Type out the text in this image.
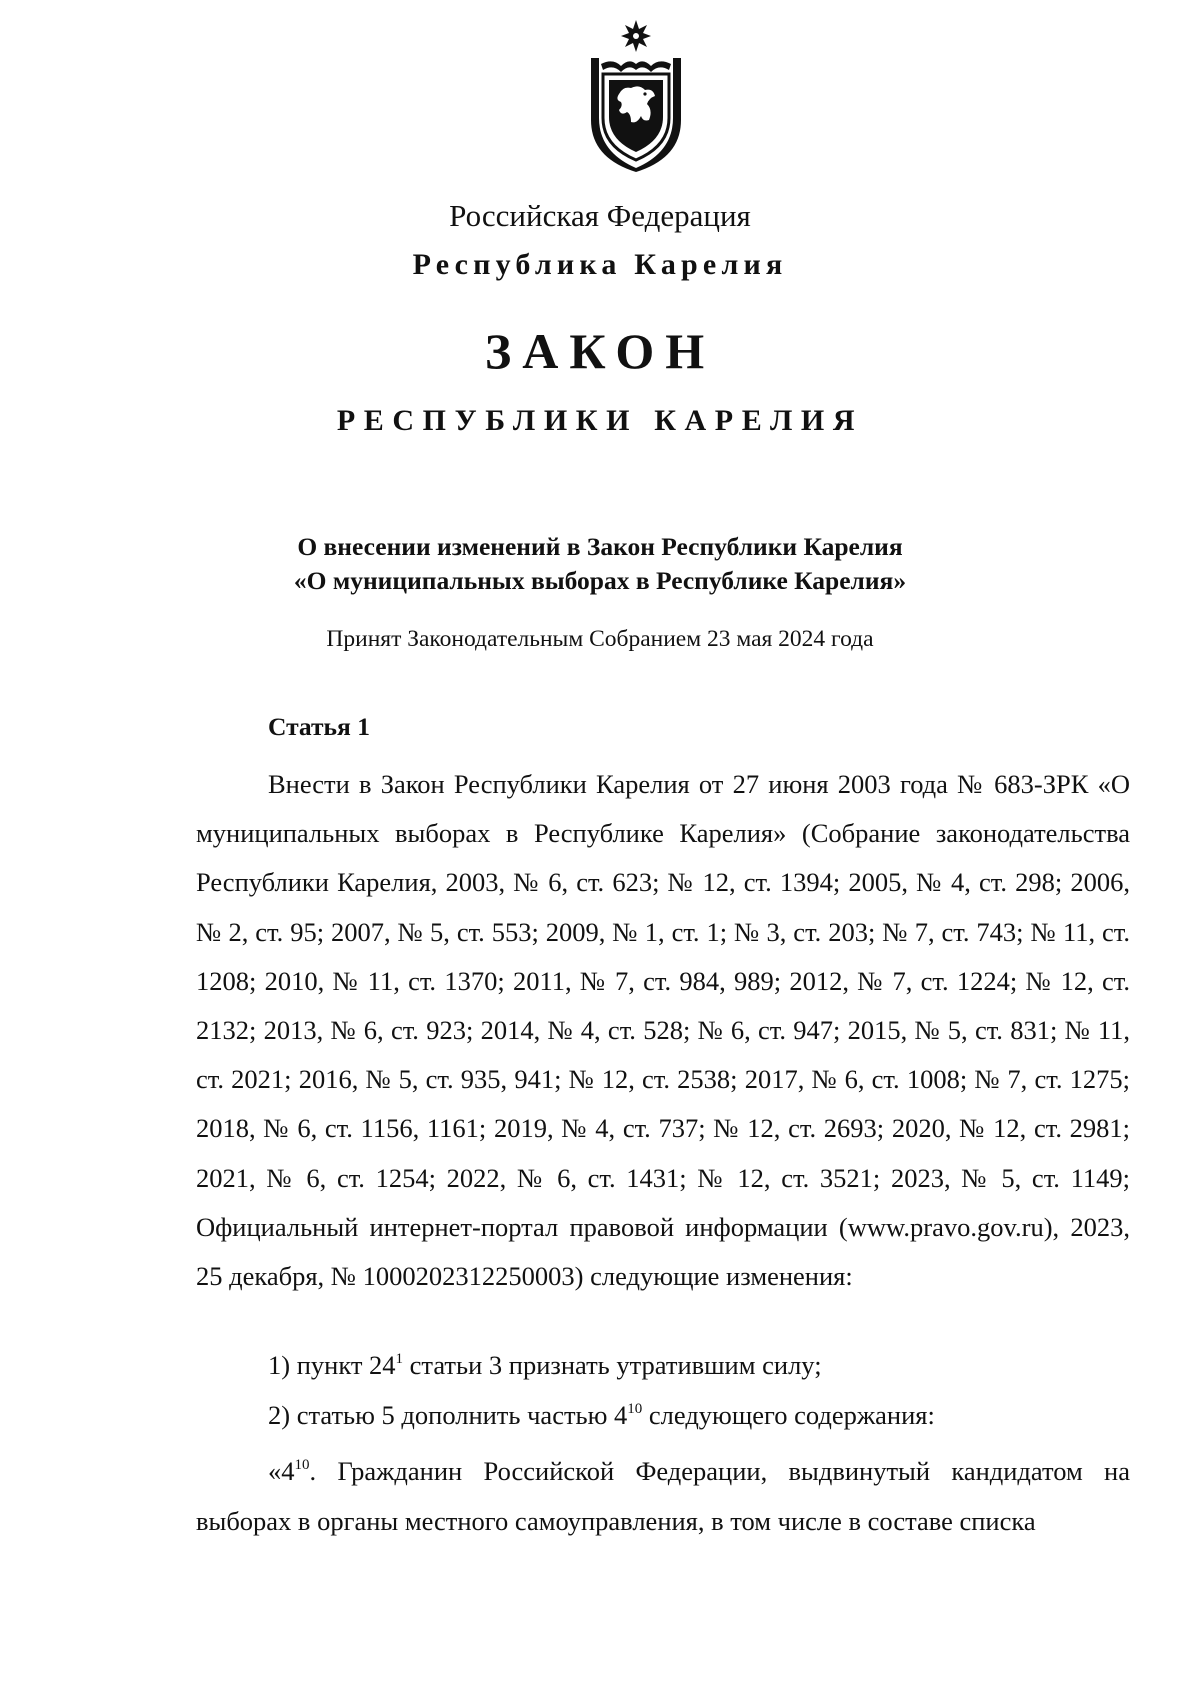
Российская Федерация
Республика Карелия
ЗАКОН
РЕСПУБЛИКИ КАРЕЛИЯ
О внесении изменений в Закон Республики Карелия
«О муниципальных выборах в Республике Карелия»
Принят Законодательным Собранием 23 мая 2024 года
Статья 1
Внести в Закон Республики Карелия от 27 июня 2003 года № 683-ЗРК «О муниципальных выборах в Республике Карелия» (Собрание законодательства Республики Карелия, 2003, № 6, ст. 623; № 12, ст. 1394; 2005, № 4, ст. 298; 2006, № 2, ст. 95; 2007, № 5, ст. 553; 2009, № 1, ст. 1; № 3, ст. 203; № 7, ст. 743; № 11, ст. 1208; 2010, № 11, ст. 1370; 2011, № 7, ст. 984, 989; 2012, № 7, ст. 1224; № 12, ст. 2132; 2013, № 6, ст. 923; 2014, № 4, ст. 528; № 6, ст. 947; 2015, № 5, ст. 831; № 11, ст. 2021; 2016, № 5, ст. 935, 941; № 12, ст. 2538; 2017, № 6, ст. 1008; № 7, ст. 1275; 2018, № 6, ст. 1156, 1161; 2019, № 4, ст. 737; № 12, ст. 2693; 2020, № 12, ст. 2981; 2021, № 6, ст. 1254; 2022, № 6, ст. 1431; № 12, ст. 3521; 2023, № 5, ст. 1149; Официальный интернет-портал правовой информации (www.pravo.gov.ru), 2023, 25 декабря, № 1000202312250003) следующие изменения:
1) пункт $24^1$ статьи 3 признать утратившим силу;
2) статью 5 дополнить частью $4^{10}$ следующего содержания:
«$4^{10}$. Гражданин Российской Федерации, выдвинутый кандидатом на выборах в органы местного самоуправления, в том числе в составе списка
